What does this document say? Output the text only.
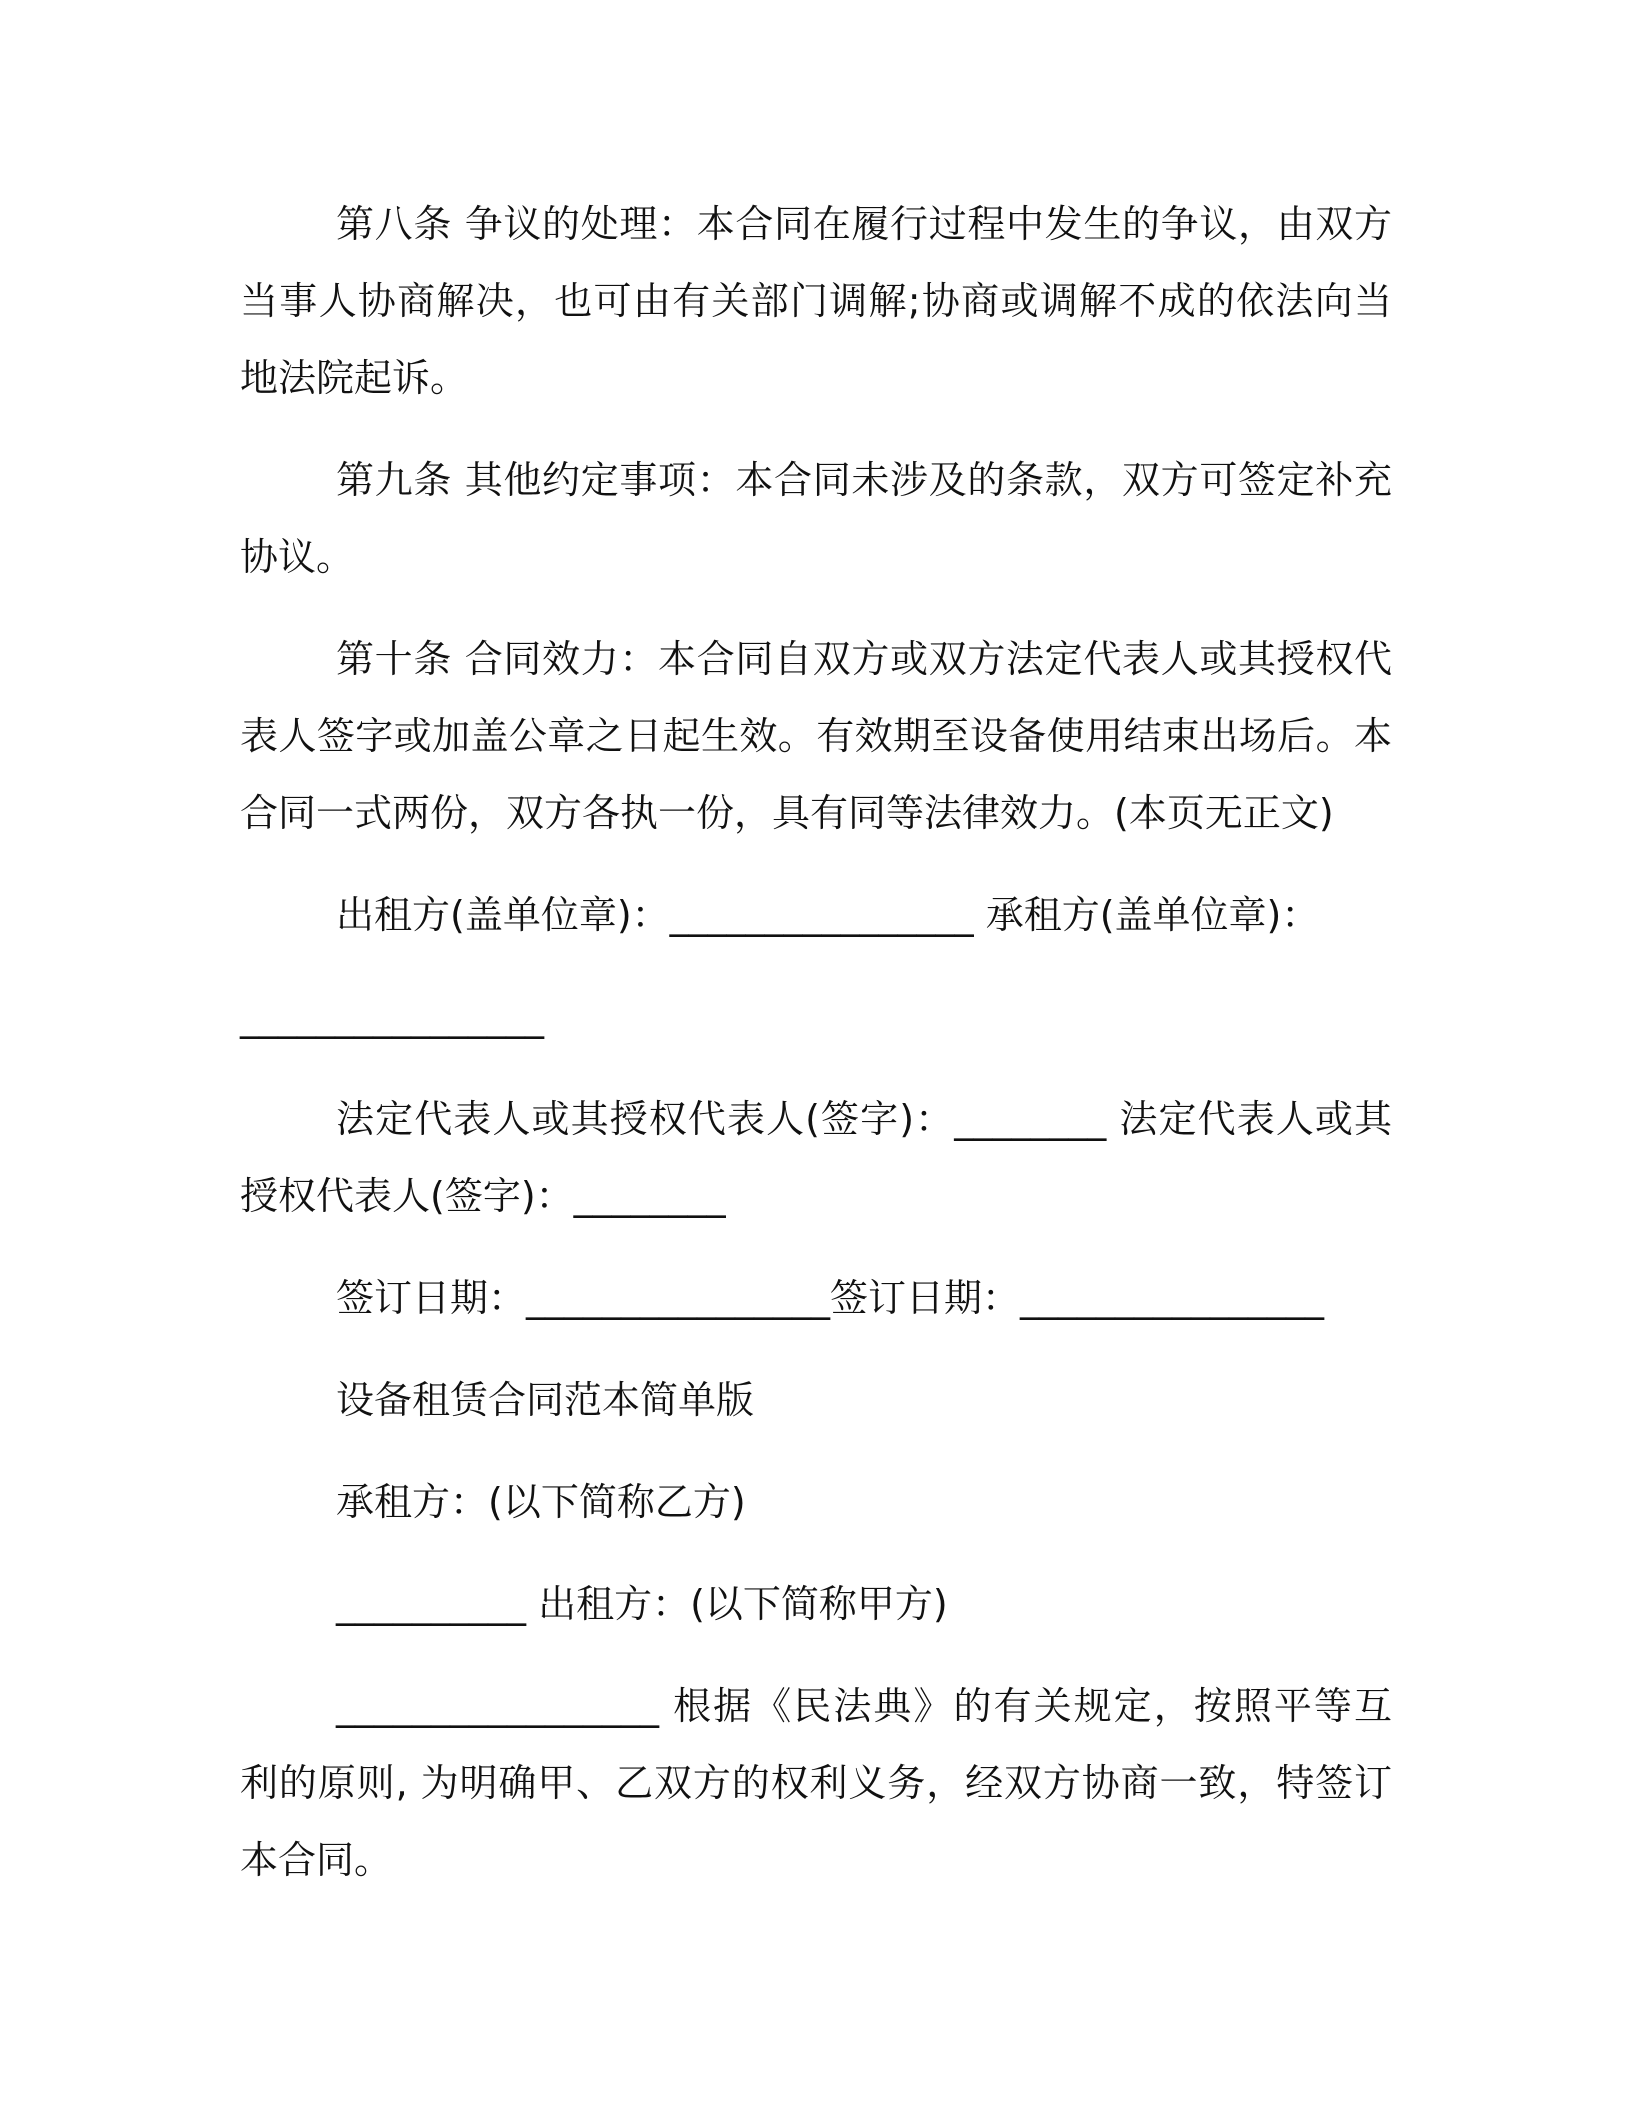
第八条 争议的处理：本合同在履行过程中发生的争议，由双方当事人协商解决，也可由有关部门调解;协商或调解不成的依法向当地法院起诉。

第九条 其他约定事项：本合同未涉及的条款，双方可签定补充协议。

第十条 合同效力：本合同自双方或双方法定代表人或其授权代表人签字或加盖公章之日起生效。有效期至设备使用结束出场后。本合同一式两份，双方各执一份，具有同等法律效力。(本页无正文)

出租方(盖单位章)：________________ 承租方(盖单位章)：
________________

法定代表人或其授权代表人(签字)：________ 法定代表人或其授权代表人(签字)：________

签订日期：________________签订日期：________________

设备租赁合同范本简单版

承租方：(以下简称乙方)

__________ 出租方：(以下简称甲方)

_________________ 根据《民法典》的有关规定，按照平等互利的原则, 为明确甲、乙双方的权利义务，经双方协商一致，特签订本合同。
